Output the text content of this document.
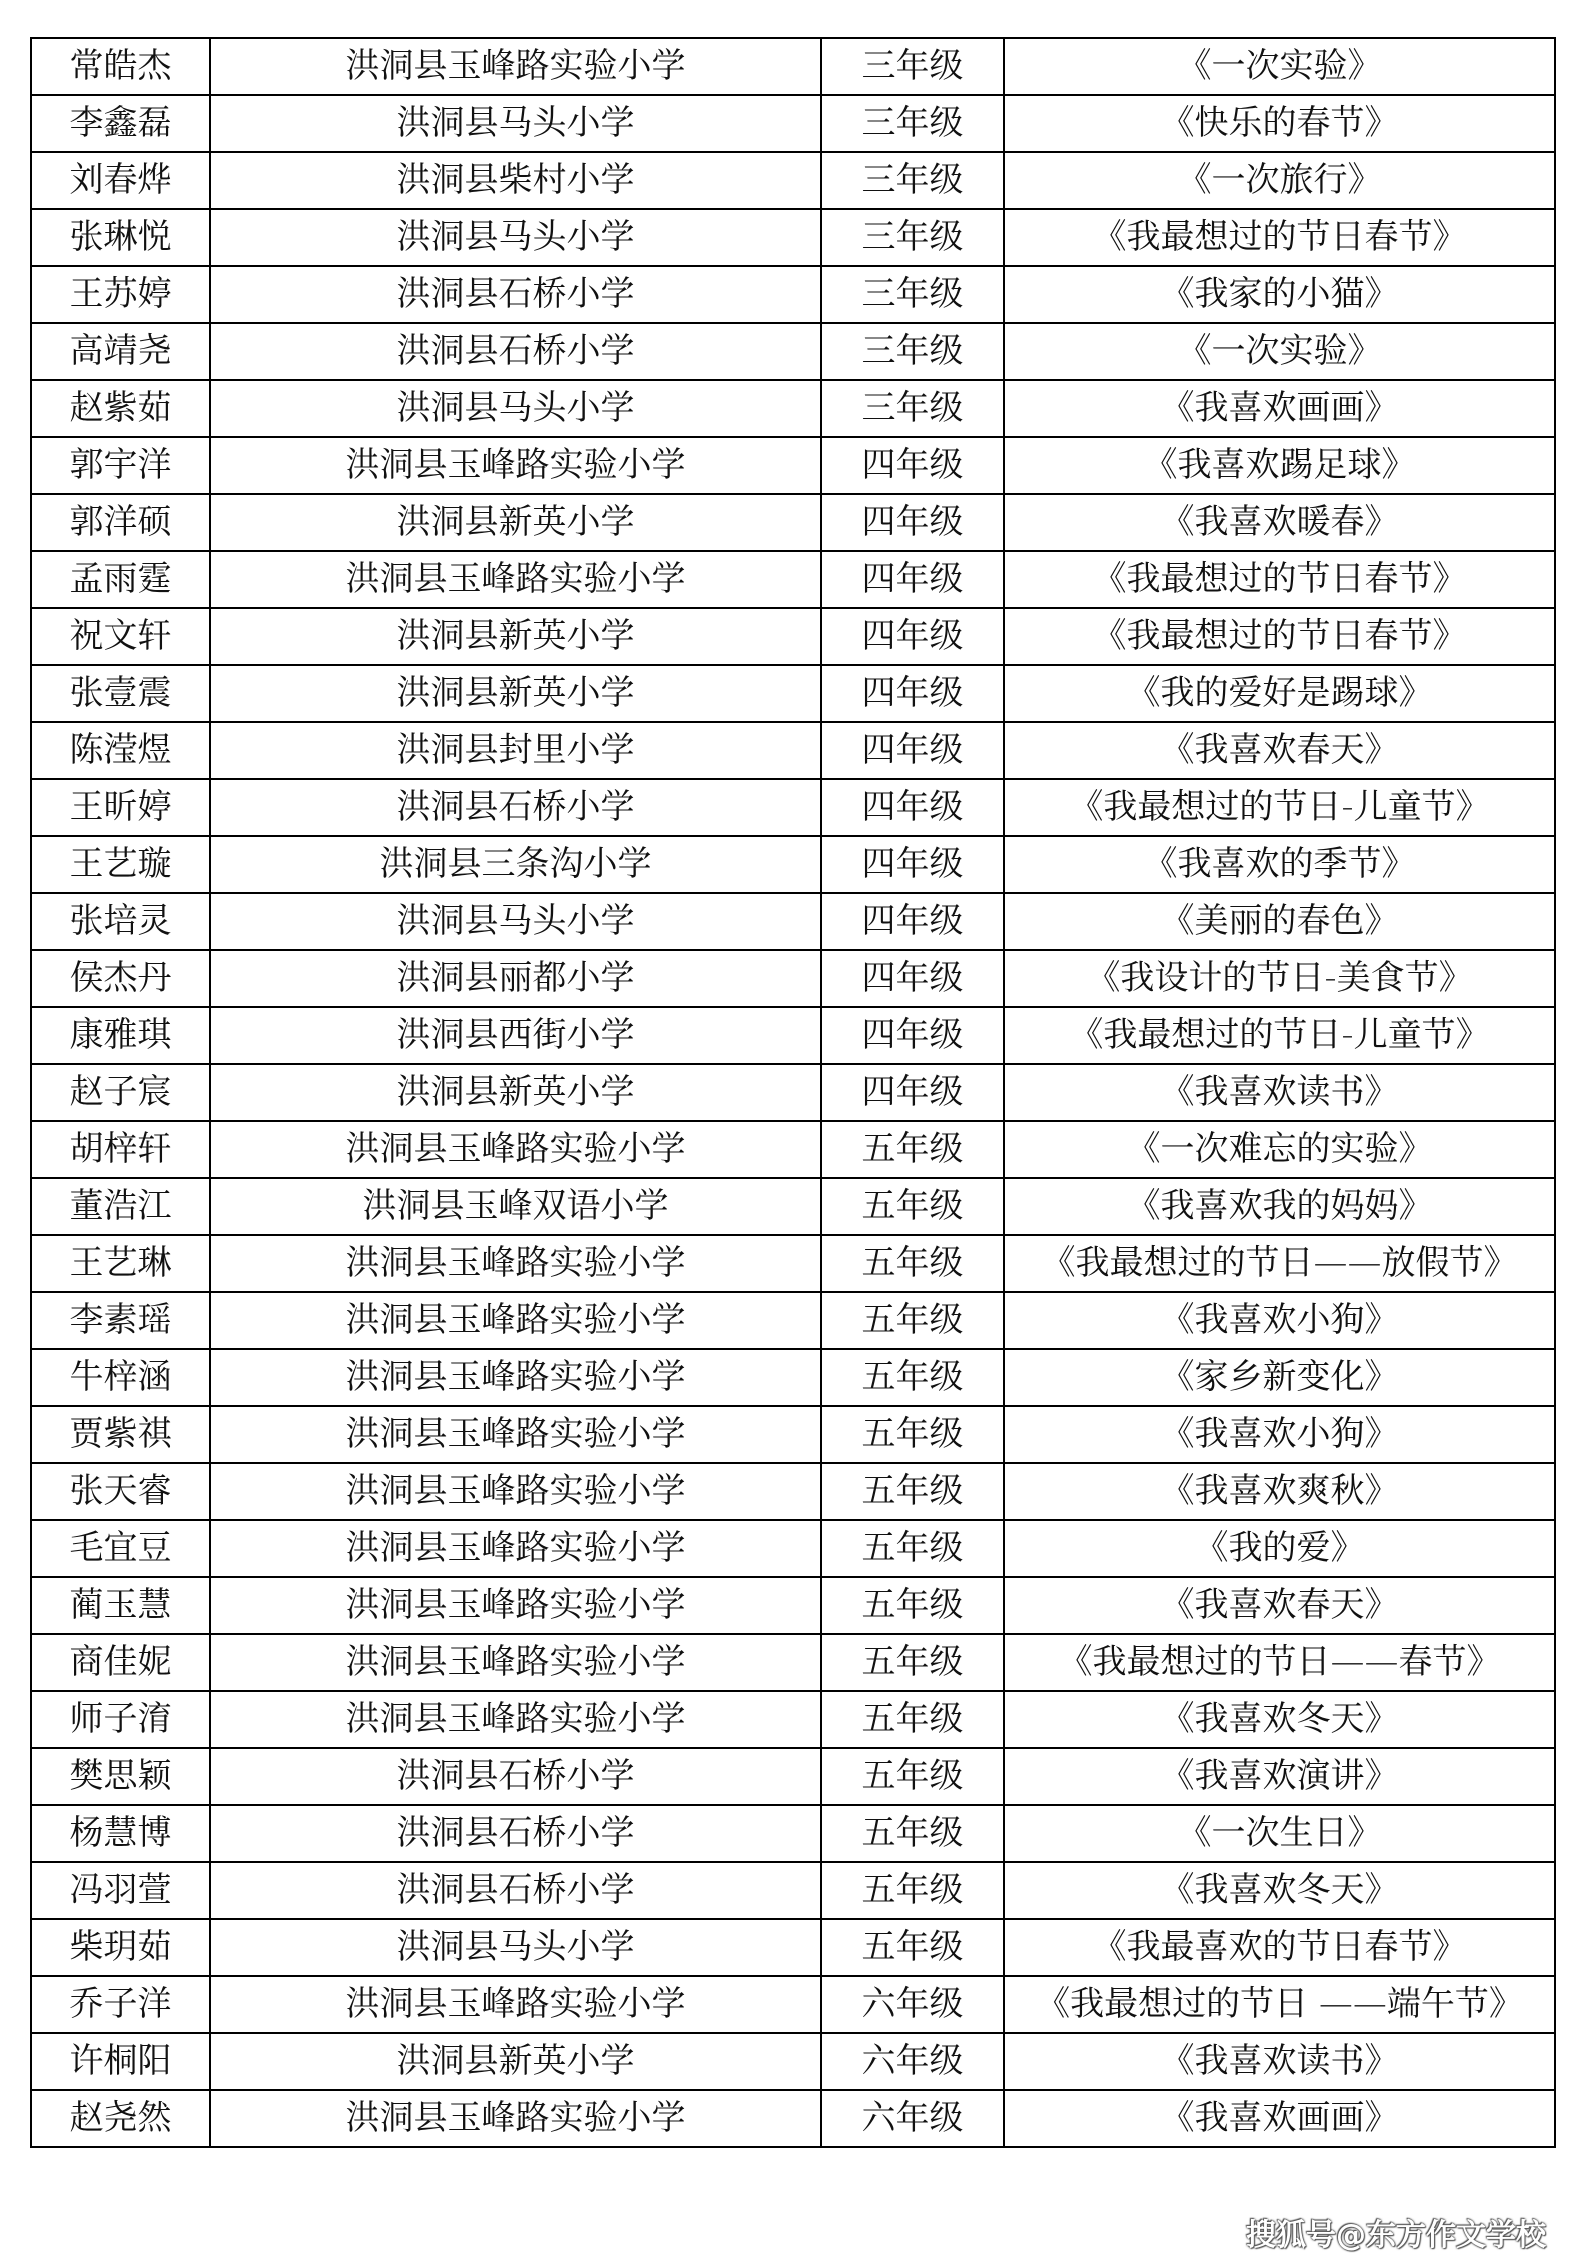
常皓杰	洪洞县玉峰路实验小学	三年级	《一次实验》
李鑫磊	洪洞县马头小学	三年级	《快乐的春节》
刘春烨	洪洞县柴村小学	三年级	《一次旅行》
张琳悦	洪洞县马头小学	三年级	《我最想过的节日春节》
王苏婷	洪洞县石桥小学	三年级	《我家的小猫》
高靖尧	洪洞县石桥小学	三年级	《一次实验》
赵紫茹	洪洞县马头小学	三年级	《我喜欢画画》
郭宇洋	洪洞县玉峰路实验小学	四年级	《我喜欢踢足球》
郭洋硕	洪洞县新英小学	四年级	《我喜欢暖春》
孟雨霆	洪洞县玉峰路实验小学	四年级	《我最想过的节日春节》
祝文轩	洪洞县新英小学	四年级	《我最想过的节日春节》
张壹震	洪洞县新英小学	四年级	《我的爱好是踢球》
陈滢煜	洪洞县封里小学	四年级	《我喜欢春天》
王昕婷	洪洞县石桥小学	四年级	《我最想过的节日-儿童节》
王艺璇	洪洞县三条沟小学	四年级	《我喜欢的季节》
张培灵	洪洞县马头小学	四年级	《美丽的春色》
侯杰丹	洪洞县丽都小学	四年级	《我设计的节日-美食节》
康雅琪	洪洞县西街小学	四年级	《我最想过的节日-儿童节》
赵子宸	洪洞县新英小学	四年级	《我喜欢读书》
胡梓轩	洪洞县玉峰路实验小学	五年级	《一次难忘的实验》
董浩江	洪洞县玉峰双语小学	五年级	《我喜欢我的妈妈》
王艺琳	洪洞县玉峰路实验小学	五年级	《我最想过的节日——放假节》
李素瑶	洪洞县玉峰路实验小学	五年级	《我喜欢小狗》
牛梓涵	洪洞县玉峰路实验小学	五年级	《家乡新变化》
贾紫祺	洪洞县玉峰路实验小学	五年级	《我喜欢小狗》
张天睿	洪洞县玉峰路实验小学	五年级	《我喜欢爽秋》
毛宜豆	洪洞县玉峰路实验小学	五年级	《我的爱》
蔺玉慧	洪洞县玉峰路实验小学	五年级	《我喜欢春天》
商佳妮	洪洞县玉峰路实验小学	五年级	《我最想过的节日——春节》
师子淯	洪洞县玉峰路实验小学	五年级	《我喜欢冬天》
樊思颖	洪洞县石桥小学	五年级	《我喜欢演讲》
杨慧博	洪洞县石桥小学	五年级	《一次生日》
冯羽萱	洪洞县石桥小学	五年级	《我喜欢冬天》
柴玥茹	洪洞县马头小学	五年级	《我最喜欢的节日春节》
乔子洋	洪洞县玉峰路实验小学	六年级	《我最想过的节日 ——端午节》
许桐阳	洪洞县新英小学	六年级	《我喜欢读书》
赵尧然	洪洞县玉峰路实验小学	六年级	《我喜欢画画》
搜狐号@东方作文学校
